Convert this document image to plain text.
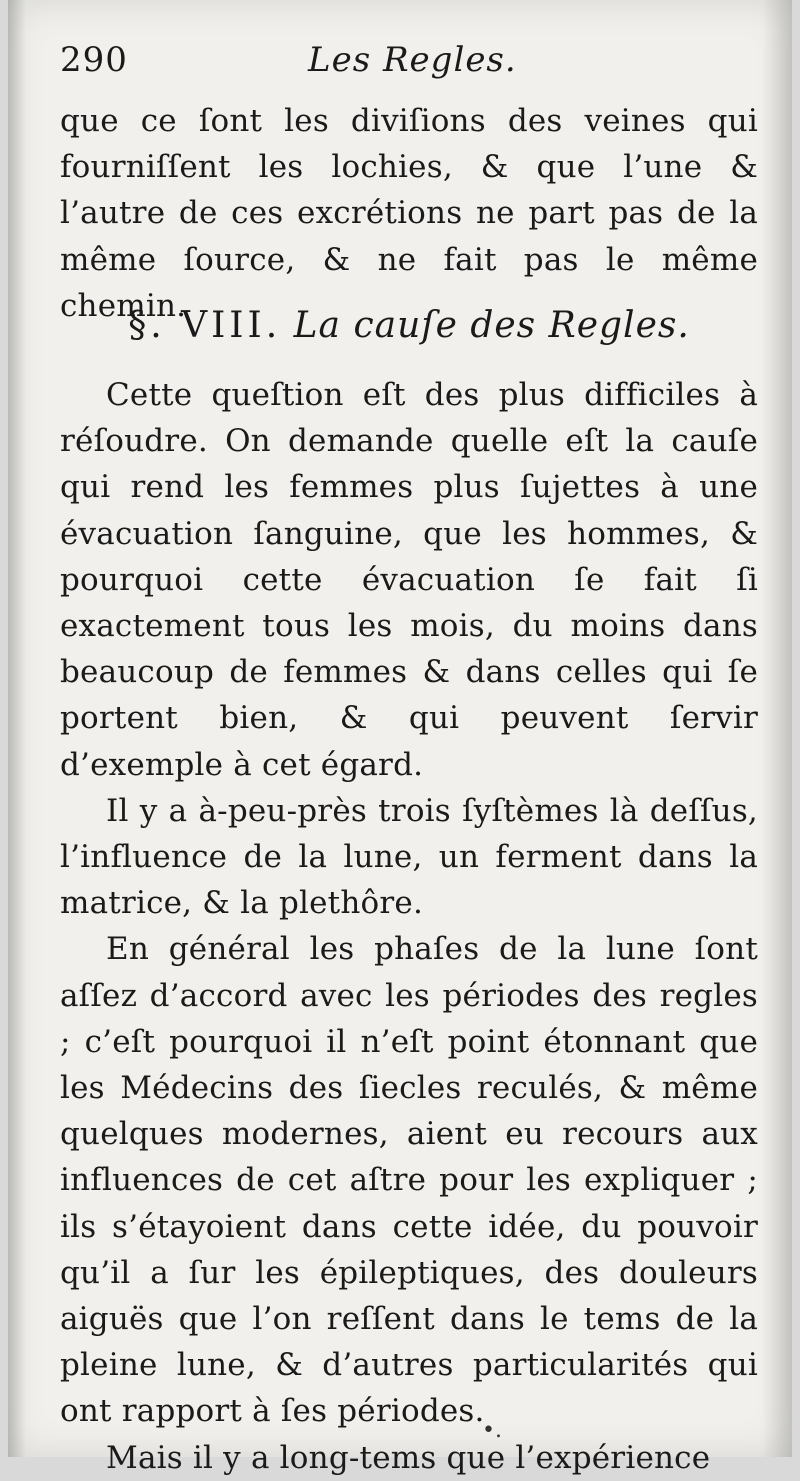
290	Les Regles.

que ce ſont les diviſions des veines qui fourniſſent les lochies, & que l’une & l’autre de ces excrétions ne part pas de la même ſource, & ne fait pas le même chemin.

§. VIII. La cauſe des Regles.

Cette queſtion eſt des plus difficiles à réſoudre. On demande quelle eſt la cauſe qui rend les femmes plus ſujettes à une évacuation ſanguine, que les hommes, & pourquoi cette évacuation ſe fait ſi exactement tous les mois, du moins dans beaucoup de femmes & dans celles qui ſe portent bien, & qui peuvent ſervir d’exemple à cet égard.

Il y a à-peu-près trois ſyſtèmes là deſſus, l’influence de la lune, un ferment dans la matrice, & la plethôre.

En général les phaſes de la lune ſont aſſez d’accord avec les périodes des regles ; c’eſt pourquoi il n’eſt point étonnant que les Médecins des ſiecles reculés, & même quelques modernes, aient eu recours aux influences de cet aſtre pour les expliquer ; ils s’étayoient dans cette idée, du pouvoir qu’il a ſur les épileptiques, des douleurs aiguës que l’on reſſent dans le tems de la pleine lune, & d’autres particularités qui ont rapport à ſes périodes.

Mais il y a long-tems que l’expérience

•.
